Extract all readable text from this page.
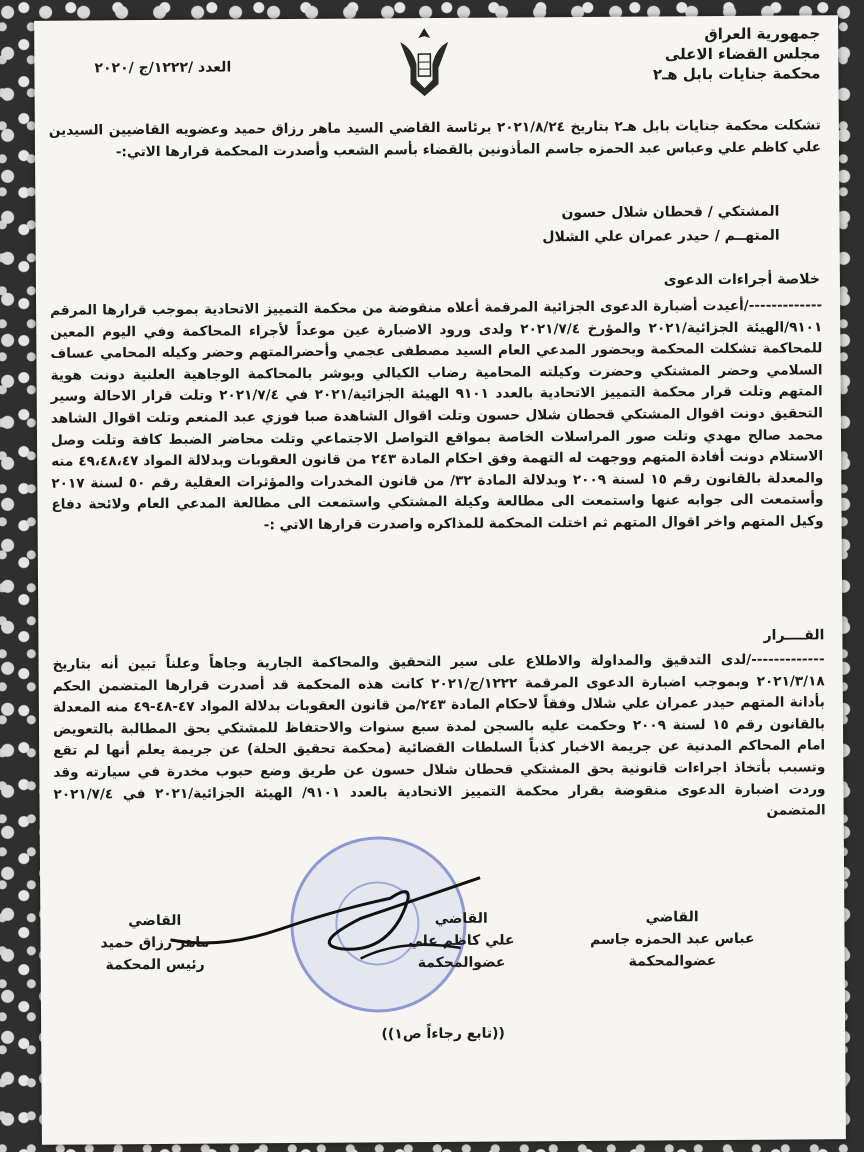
جمهورية العراق
مجلس القضاء الاعلى
محكمة جنايات بابل هـ٢
العدد /١٢٢٢/ج /٢٠٢٠
تشكلت محكمة جنايات بابل هـ٢ بتاريخ ٢٠٢١/٨/٢٤ برئاسة القاضي السيد ماهر رزاق حميد وعضويه القاضيين السيدين علي كاظم علي وعباس عبد الحمزه جاسم المأذونين بالقضاء بأسم الشعب وأصدرت المحكمة قرارها الاتي:-
المشتكي / قحطان شلال حسون
المتهــم / حيدر عمران علي الشلال
خلاصة أجراءات الدعوى
-------------/أعيدت أضبارة الدعوى الجزائية المرقمة أعلاه منقوضة من محكمة التمييز الاتحادية بموجب قرارها المرقم ٩١٠١/الهيئة الجزائية/٢٠٢١ والمؤرخ ٢٠٢١/٧/٤ ولدى ورود الاضبارة عين موعداً لأجراء المحاكمة وفي اليوم المعين للمحاكمة تشكلت المحكمة وبحضور المدعي العام السيد مصطفى عجمي وأحضرالمتهم وحضر وكيله المحامي عساف السلامي وحضر المشتكي وحضرت وكيلته المحامية رضاب الكيالي وبوشر بالمحاكمة الوجاهية العلنية دونت هوية المتهم وتلت قرار محكمة التمييز الاتحادية بالعدد ٩١٠١ الهيئة الجزائية/٢٠٢١ في ٢٠٢١/٧/٤ وتلت قرار الاحالة وسير التحقيق دونت اقوال المشتكي قحطان شلال حسون وتلت اقوال الشاهدة صبا فوزي عبد المنعم وتلت اقوال الشاهد محمد صالح مهدي وتلت صور المراسلات الخاصة بمواقع التواصل الاجتماعي وتلت محاضر الضبط كافة وتلت وصل الاستلام دونت أفادة المتهم ووجهت له التهمة وفق احكام المادة ٢٤٣ من قانون العقوبات وبدلالة المواد ٤٩،٤٨،٤٧ منه والمعدلة بالقانون رقم ١٥ لسنة ٢٠٠٩ وبدلالة المادة ٣٢/ من قانون المخدرات والمؤثرات العقلية رقم ٥٠ لسنة ٢٠١٧ وأستمعت الى جوابه عنها واستمعت الى مطالعة وكيلة المشتكي واستمعت الى مطالعة المدعي العام ولائحة دفاع وكيل المتهم واخر اقوال المتهم ثم اختلت المحكمة للمذاكره واصدرت قرارها الاتي :-
القــــرار
-------------/لدى التدقيق والمداولة والاطلاع على سير التحقيق والمحاكمة الجارية وجاهاً وعلناً تبين أنه بتاريخ ٢٠٢١/٣/١٨ وبموجب اضبارة الدعوى المرقمة ١٢٢٢/ج/٢٠٢١ كانت هذه المحكمة قد أصدرت قرارها المتضمن الحكم بأدانة المتهم حيدر عمران علي شلال وفقاً لاحكام المادة ٢٤٣/من قانون العقوبات بدلالة المواد ٤٧-٤٨-٤٩ منه المعدلة بالقانون رقم ١٥ لسنة ٢٠٠٩ وحكمت عليه بالسجن لمدة سبع سنوات والاحتفاظ للمشتكي بحق المطالبة بالتعويض امام المحاكم المدنية عن جريمة الاخبار كذباً السلطات القضائية (محكمة تحقيق الحلة) عن جريمة يعلم أنها لم تقع وتسبب بأتخاذ اجراءات قانونية بحق المشتكي قحطان شلال حسون عن طريق وضع حبوب مخدرة في سيارته وقد وردت اضبارة الدعوى منقوضة بقرار محكمة التمييز الاتحادية بالعدد ٩١٠١/ الهيئة الجزائية/٢٠٢١ في ٢٠٢١/٧/٤ المتضمن
القاضي
عباس عبد الحمزه جاسم
عضوالمحكمة
القاضي
علي كاظم علي
عضوالمحكمة
القاضي
ماهر رزاق حميد
رئيس المحكمة
((تابع رجاءاً ص١))
